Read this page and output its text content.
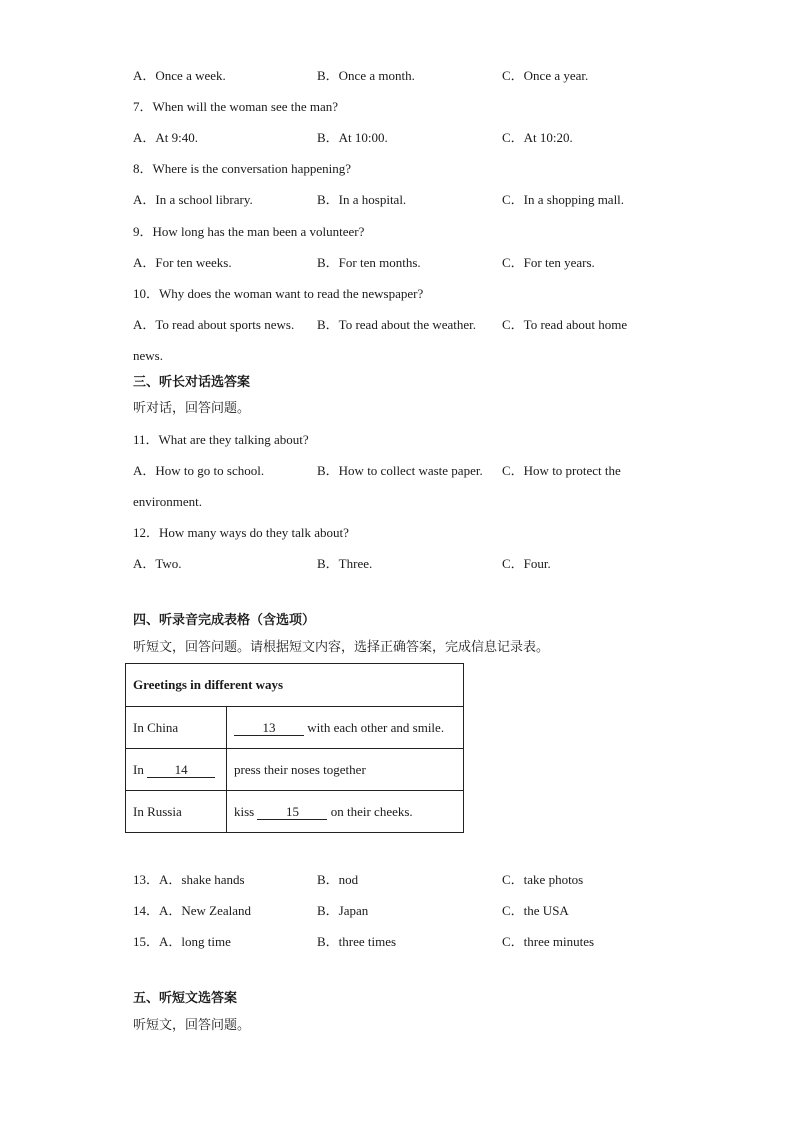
A．Once a week.	B．Once a month.	C．Once a year.
7．When will the woman see the man?
A．At 9:40.	B．At 10:00.	C．At 10:20.
8．Where is the conversation happening?
A．In a school library.	B．In a hospital.	C．In a shopping mall.
9．How long has the man been a volunteer?
A．For ten weeks.	B．For ten months.	C．For ten years.
10．Why does the woman want to read the newspaper?
A．To read about sports news. B．To read about the weather. C．To read about home
news.
三、听长对话选答案
听对话，回答问题。
11．What are they talking about?
A．How to go to school.	B．How to collect waste paper. C．How to protect the
environment.
12．How many ways do they talk about?
A．Two.	B．Three.	C．Four.
四、听录音完成表格（含选项）
听短文，回答问题。请根据短文内容，选择正确答案，完成信息记录表。
Greetings in different ways	
In China	13 with each other and smile.
In 14	press their noses together
In Russia	kiss 15 on their cheeks.
13．A．shake hands	B．nod	C．take photos
14．A．New Zealand	B．Japan	C．the USA
15．A．long time	B．three times	C．three minutes
五、听短文选答案
听短文，回答问题。
